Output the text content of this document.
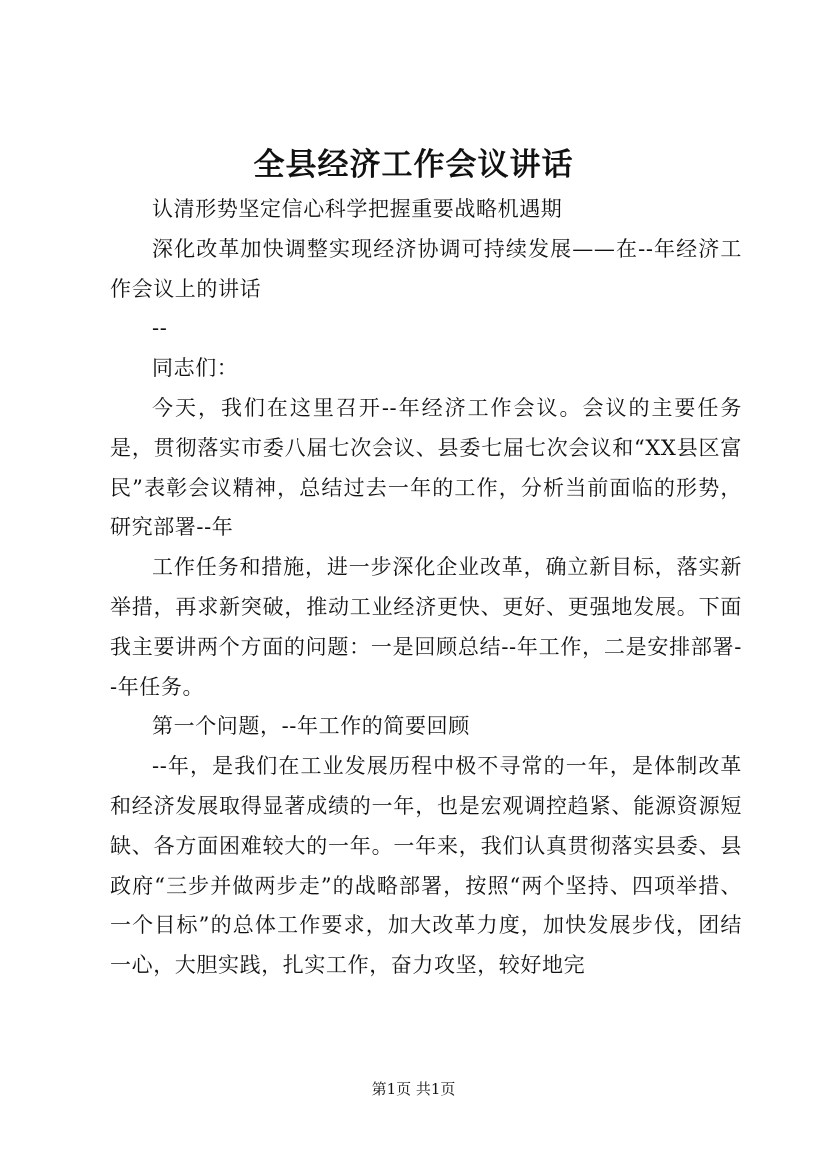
全县经济工作会议讲话

认清形势坚定信心科学把握重要战略机遇期

深化改革加快调整实现经济协调可持续发展——在--年经济工作会议上的讲话

--

同志们：

今天，我们在这里召开--年经济工作会议。会议的主要任务是，贯彻落实市委八届七次会议、县委七届七次会议和“XX县区富民”表彰会议精神，总结过去一年的工作，分析当前面临的形势，研究部署--年

工作任务和措施，进一步深化企业改革，确立新目标，落实新举措，再求新突破，推动工业经济更快、更好、更强地发展。下面我主要讲两个方面的问题：一是回顾总结--年工作，二是安排部署--年任务。

第一个问题，--年工作的简要回顾

--年，是我们在工业发展历程中极不寻常的一年，是体制改革和经济发展取得显著成绩的一年，也是宏观调控趋紧、能源资源短缺、各方面困难较大的一年。一年来，我们认真贯彻落实县委、县政府“三步并做两步走”的战略部署，按照“两个坚持、四项举措、一个目标”的总体工作要求，加大改革力度，加快发展步伐，团结一心，大胆实践，扎实工作，奋力攻坚，较好地完

第1页 共1页
